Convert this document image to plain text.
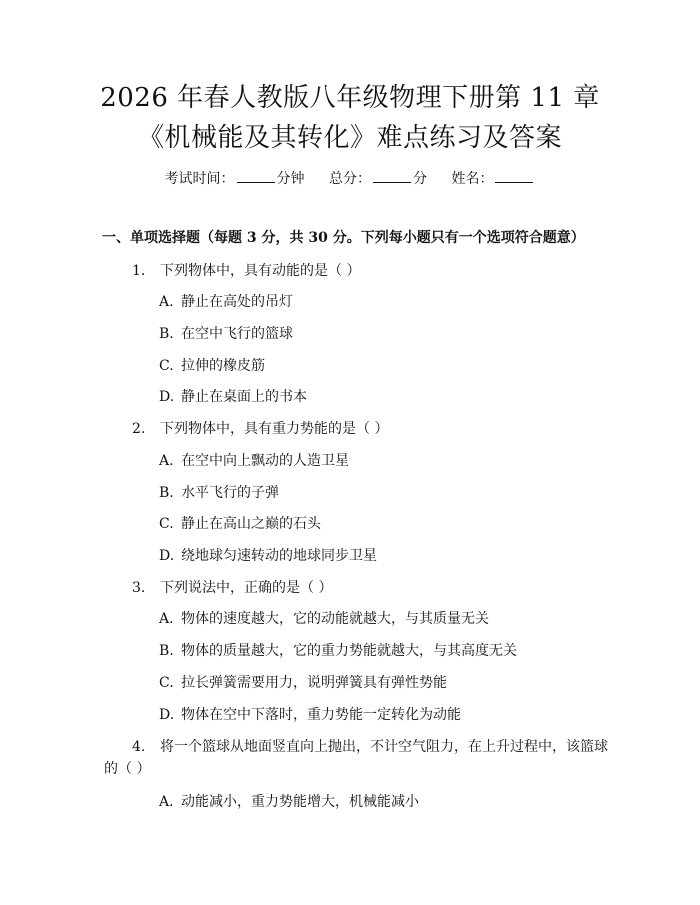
2026 年春人教版八年级物理下册第 11 章
《机械能及其转化》难点练习及答案
考试时间：	分钟 总分：	分 姓名：
一、单项选择题（每题 3 分，共 30 分。下列每小题只有一个选项符合题意）
1. 下列物体中，具有动能的是（ ）
A. 静止在高处的吊灯
B. 在空中飞行的篮球
C. 拉伸的橡皮筋
D. 静止在桌面上的书本
2. 下列物体中，具有重力势能的是（ ）
A. 在空中向上飘动的人造卫星
B. 水平飞行的子弹
C. 静止在高山之巅的石头
D. 绕地球匀速转动的地球同步卫星
3. 下列说法中，正确的是（ ）
A. 物体的速度越大，它的动能就越大，与其质量无关
B. 物体的质量越大，它的重力势能就越大，与其高度无关
C. 拉长弹簧需要用力，说明弹簧具有弹性势能
D. 物体在空中下落时，重力势能一定转化为动能
4. 将一个篮球从地面竖直向上抛出，不计空气阻力，在上升过程中，该篮球
的（ ）
A. 动能减小，重力势能增大，机械能减小
